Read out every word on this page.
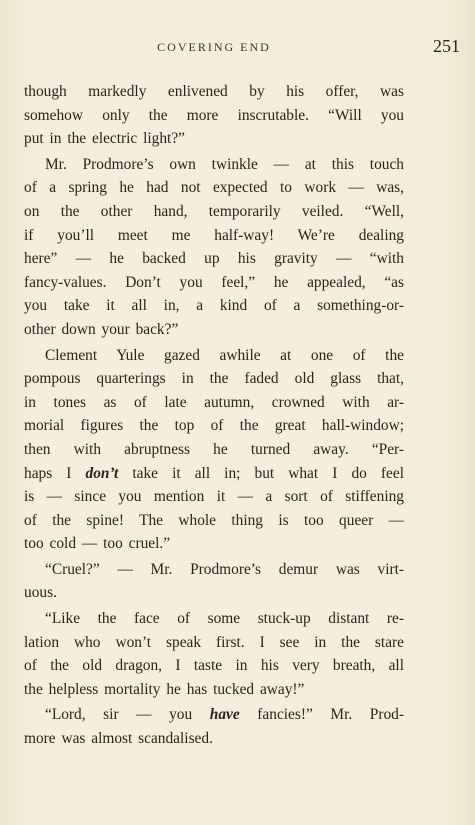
COVERING END	251
though markedly enlivened by his offer, was
somehow only the more inscrutable. “Will you
put in the electric light?”
Mr. Prodmore’s own twinkle — at this touch
of a spring he had not expected to work — was,
on the other hand, temporarily veiled. “Well,
if you’ll meet me half-way! We’re dealing
here” — he backed up his gravity — “with
fancy-values. Don’t you feel,” he appealed, “as
you take it all in, a kind of a something-or-
other down your back?”
Clement Yule gazed awhile at one of the
pompous quarterings in the faded old glass that,
in tones as of late autumn, crowned with ar-
morial figures the top of the great hall-window;
then with abruptness he turned away. “Per-
haps I don’t take it all in; but what I do feel
is — since you mention it — a sort of stiffening
of the spine! The whole thing is too queer —
too cold — too cruel.”
“Cruel?” — Mr. Prodmore’s demur was virt-
uous.
“Like the face of some stuck-up distant re-
lation who won’t speak first. I see in the stare
of the old dragon, I taste in his very breath, all
the helpless mortality he has tucked away!”
“Lord, sir — you have fancies!” Mr. Prod-
more was almost scandalised.
